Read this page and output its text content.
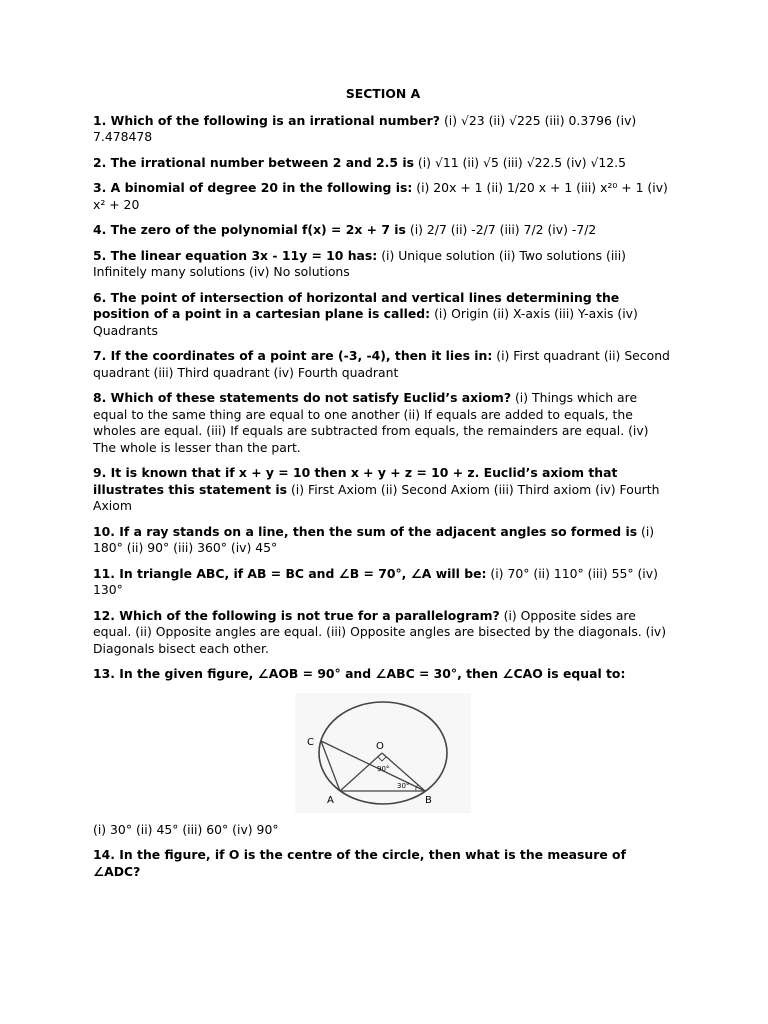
SECTION A
1. Which of the following is an irrational number? (i) √23 (ii) √225 (iii) 0.3796 (iv) 7.478478
2. The irrational number between 2 and 2.5 is (i) √11 (ii) √5 (iii) √22.5 (iv) √12.5
3. A binomial of degree 20 in the following is: (i) 20x + 1 (ii) 1/20 x + 1 (iii) x²⁰ + 1 (iv) x² + 20
4. The zero of the polynomial f(x) = 2x + 7 is (i) 2/7 (ii) -2/7 (iii) 7/2 (iv) -7/2
5. The linear equation 3x - 11y = 10 has: (i) Unique solution (ii) Two solutions (iii) Infinitely many solutions (iv) No solutions
6. The point of intersection of horizontal and vertical lines determining the position of a point in a cartesian plane is called: (i) Origin (ii) X-axis (iii) Y-axis (iv) Quadrants
7. If the coordinates of a point are (-3, -4), then it lies in: (i) First quadrant (ii) Second quadrant (iii) Third quadrant (iv) Fourth quadrant
8. Which of these statements do not satisfy Euclid’s axiom? (i) Things which are equal to the same thing are equal to one another (ii) If equals are added to equals, the wholes are equal. (iii) If equals are subtracted from equals, the remainders are equal. (iv) The whole is lesser than the part.
9. It is known that if x + y = 10 then x + y + z = 10 + z. Euclid’s axiom that illustrates this statement is (i) First Axiom (ii) Second Axiom (iii) Third axiom (iv) Fourth Axiom
10. If a ray stands on a line, then the sum of the adjacent angles so formed is (i) 180° (ii) 90° (iii) 360° (iv) 45°
11. In triangle ABC, if AB = BC and ∠B = 70°, ∠A will be: (i) 70° (ii) 110° (iii) 55° (iv) 130°
12. Which of the following is not true for a parallelogram? (i) Opposite sides are equal. (ii) Opposite angles are equal. (iii) Opposite angles are bisected by the diagonals. (iv) Diagonals bisect each other.
13. In the given figure, ∠AOB = 90° and ∠ABC = 30°, then ∠CAO is equal to:
C	O
A	B
90°
30°
(i) 30° (ii) 45° (iii) 60° (iv) 90°
14. In the figure, if O is the centre of the circle, then what is the measure of ∠ADC?
